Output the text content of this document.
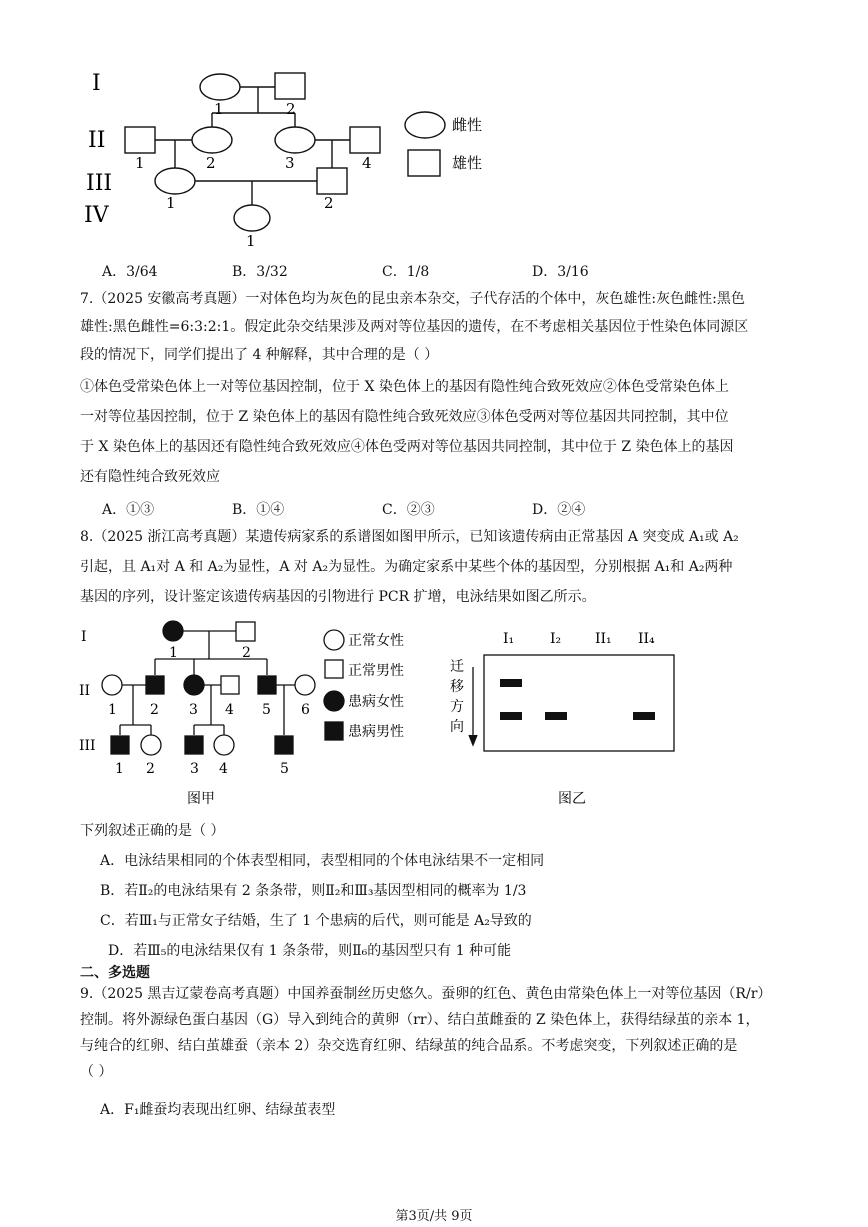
I
II
III
IV
1	2
1	2	3	4
1	2
1
雌性
雄性
A．3/64	B．3/32	C．1/8	D．3/16
7.（2025 安徽高考真题）一对体色均为灰色的昆虫亲本杂交，子代存活的个体中，灰色雄性:灰色雌性:黑色
雄性:黑色雌性=6:3:2:1。假定此杂交结果涉及两对等位基因的遗传，在不考虑相关基因位于性染色体同源区
段的情况下，同学们提出了 4 种解释，其中合理的是（ ）
①体色受常染色体上一对等位基因控制，位于 X 染色体上的基因有隐性纯合致死效应②体色受常染色体上
一对等位基因控制，位于 Z 染色体上的基因有隐性纯合致死效应③体色受两对等位基因共同控制，其中位
于 X 染色体上的基因还有隐性纯合致死效应④体色受两对等位基因共同控制，其中位于 Z 染色体上的基因
还有隐性纯合致死效应
A．①③	B．①④	C．②③	D．②④
8.（2025 浙江高考真题）某遗传病家系的系谱图如图甲所示，已知该遗传病由正常基因 A 突变成 A₁或 A₂
引起，且 A₁对 A 和 A₂为显性，A 对 A₂为显性。为确定家系中某些个体的基因型，分别根据 A₁和 A₂两种
基因的序列，设计鉴定该遗传病基因的引物进行 PCR 扩增，电泳结果如图乙所示。
I
II
III
1	2
1 2 3 4 5 6
1 2	3 4	5
正常女性
正常男性
患病女性
患病男性
图甲
I₁	I₂ II₁ II₄
迁
移
方
向
图乙
下列叙述正确的是（ ）
A．电泳结果相同的个体表型相同，表型相同的个体电泳结果不一定相同
B．若Ⅱ₂的电泳结果有 2 条条带，则Ⅱ₂和Ⅲ₃基因型相同的概率为 1/3
C．若Ⅲ₁与正常女子结婚，生了 1 个患病的后代，则可能是 A₂导致的
D．若Ⅲ₅的电泳结果仅有 1 条条带，则Ⅱ₆的基因型只有 1 种可能
二、多选题
9.（2025 黑吉辽蒙卷高考真题）中国养蚕制丝历史悠久。蚕卵的红色、黄色由常染色体上一对等位基因（R/r）
控制。将外源绿色蛋白基因（G）导入到纯合的黄卵（rr）、结白茧雌蚕的 Z 染色体上，获得结绿茧的亲本 1，
与纯合的红卵、结白茧雄蚕（亲本 2）杂交选育红卵、结绿茧的纯合品系。不考虑突变，下列叙述正确的是
（ ）
A．F₁雌蚕均表现出红卵、结绿茧表型
第3页/共 9页
